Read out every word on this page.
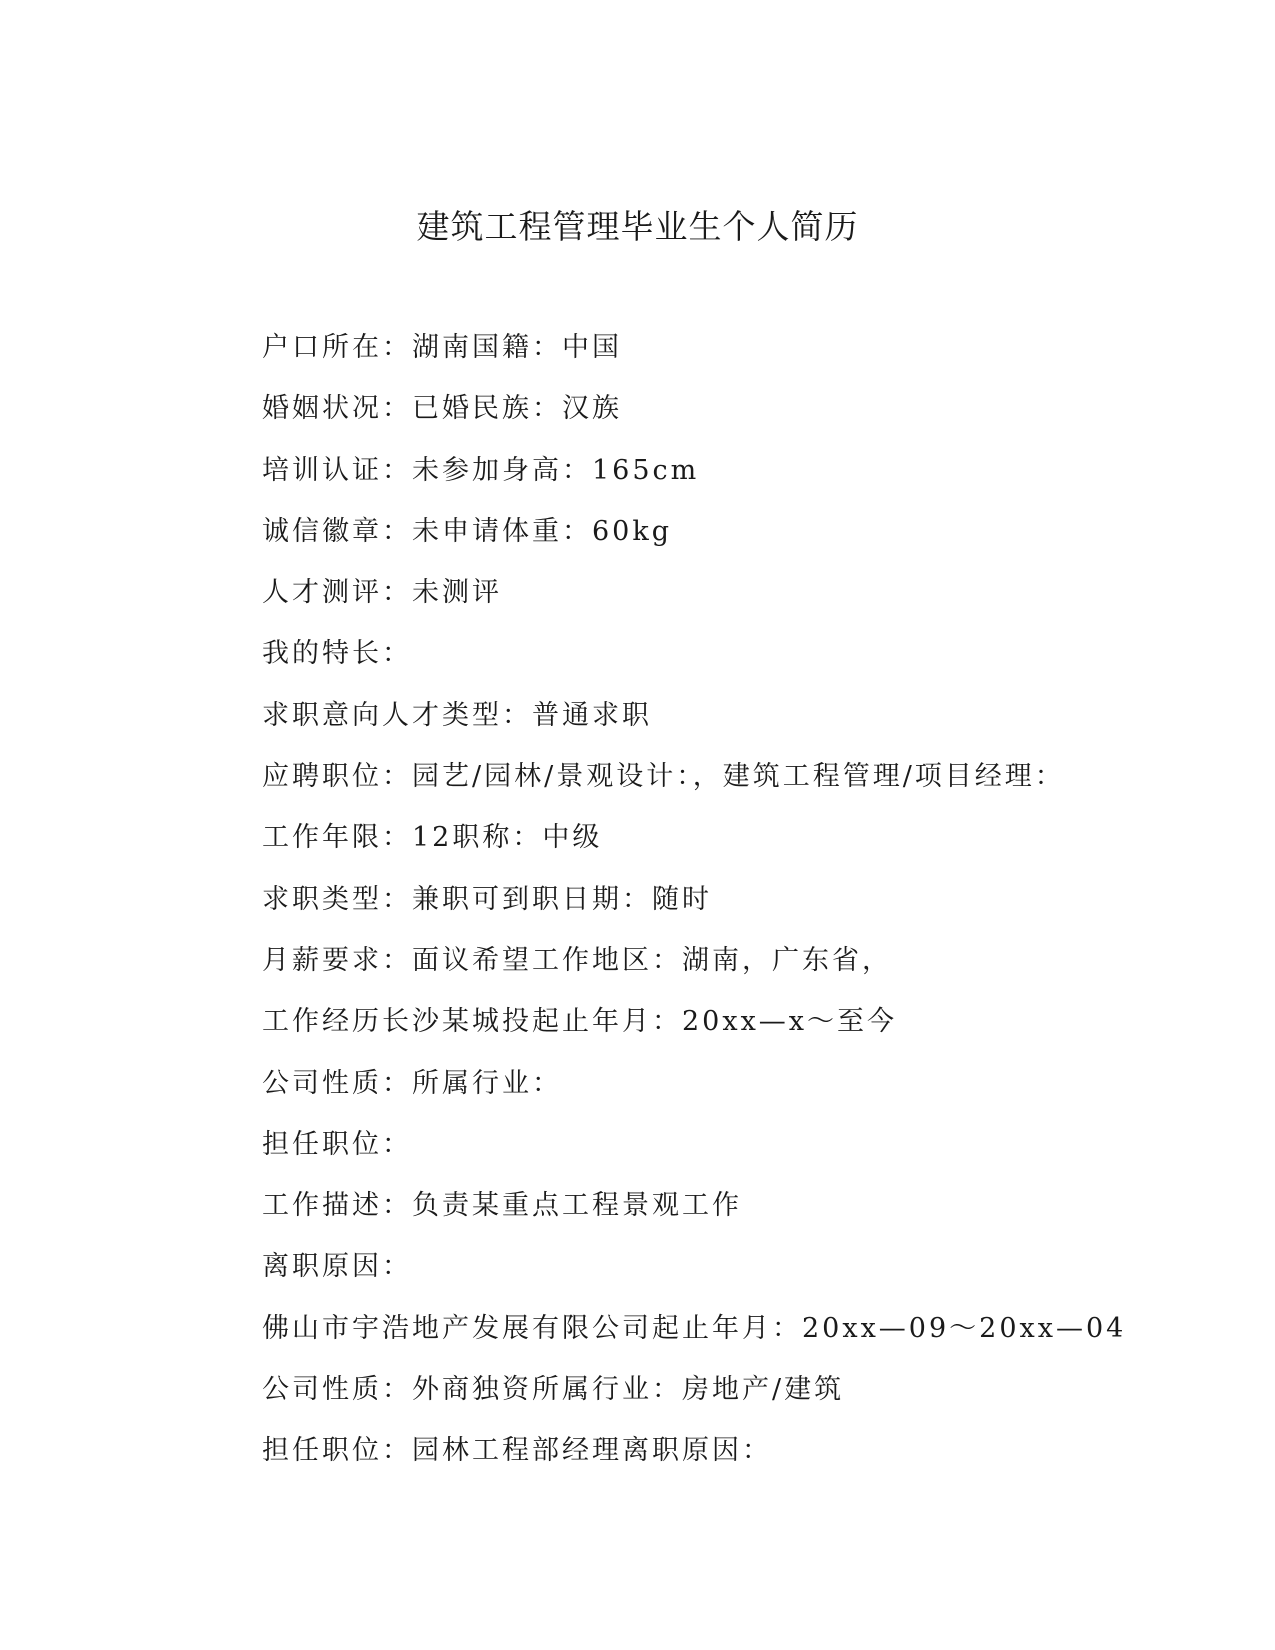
建筑工程管理毕业生个人简历
户口所在：湖南国籍：中国
婚姻状况：已婚民族：汉族
培训认证：未参加身高：165cm
诚信徽章：未申请体重：60kg
人才测评：未测评
我的特长：
求职意向人才类型：普通求职
应聘职位：园艺/园林/景观设计：，建筑工程管理/项目经理：
工作年限：12职称：中级
求职类型：兼职可到职日期：随时
月薪要求：面议希望工作地区：湖南，广东省，
工作经历长沙某城投起止年月：20xx—x～至今
公司性质：所属行业：
担任职位：
工作描述：负责某重点工程景观工作
离职原因：
佛山市宇浩地产发展有限公司起止年月：20xx—09～20xx—04
公司性质：外商独资所属行业：房地产/建筑
担任职位：园林工程部经理离职原因：
